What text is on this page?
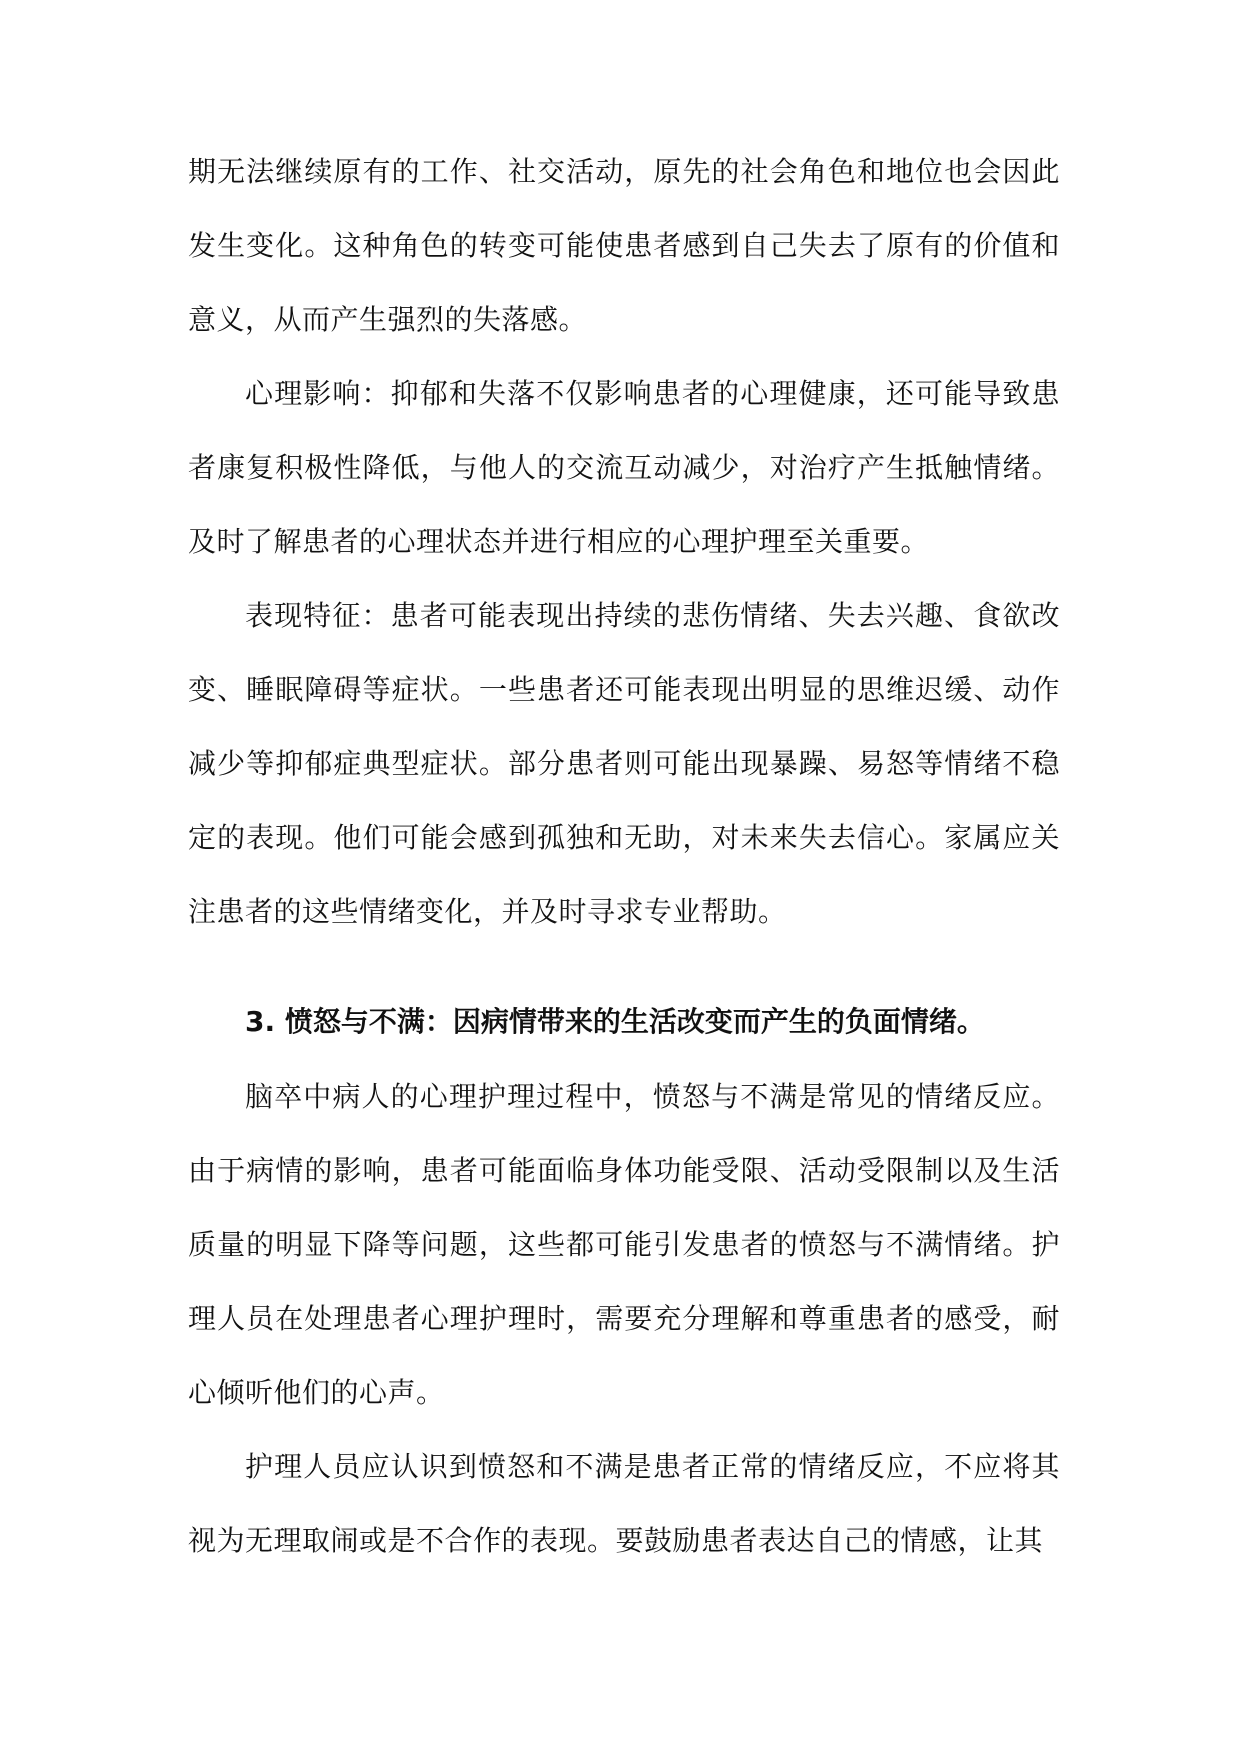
期无法继续原有的工作、社交活动，原先的社会角色和地位也会因此发生变化。这种角色的转变可能使患者感到自己失去了原有的价值和意义，从而产生强烈的失落感。

心理影响：抑郁和失落不仅影响患者的心理健康，还可能导致患者康复积极性降低，与他人的交流互动减少，对治疗产生抵触情绪。及时了解患者的心理状态并进行相应的心理护理至关重要。

表现特征：患者可能表现出持续的悲伤情绪、失去兴趣、食欲改变、睡眠障碍等症状。一些患者还可能表现出明显的思维迟缓、动作减少等抑郁症典型症状。部分患者则可能出现暴躁、易怒等情绪不稳定的表现。他们可能会感到孤独和无助，对未来失去信心。家属应关注患者的这些情绪变化，并及时寻求专业帮助。

3. 愤怒与不满：因病情带来的生活改变而产生的负面情绪。

脑卒中病人的心理护理过程中，愤怒与不满是常见的情绪反应。由于病情的影响，患者可能面临身体功能受限、活动受限制以及生活质量的明显下降等问题，这些都可能引发患者的愤怒与不满情绪。护理人员在处理患者心理护理时，需要充分理解和尊重患者的感受，耐心倾听他们的心声。

护理人员应认识到愤怒和不满是患者正常的情绪反应，不应将其视为无理取闹或是不合作的表现。要鼓励患者表达自己的情感，让其
